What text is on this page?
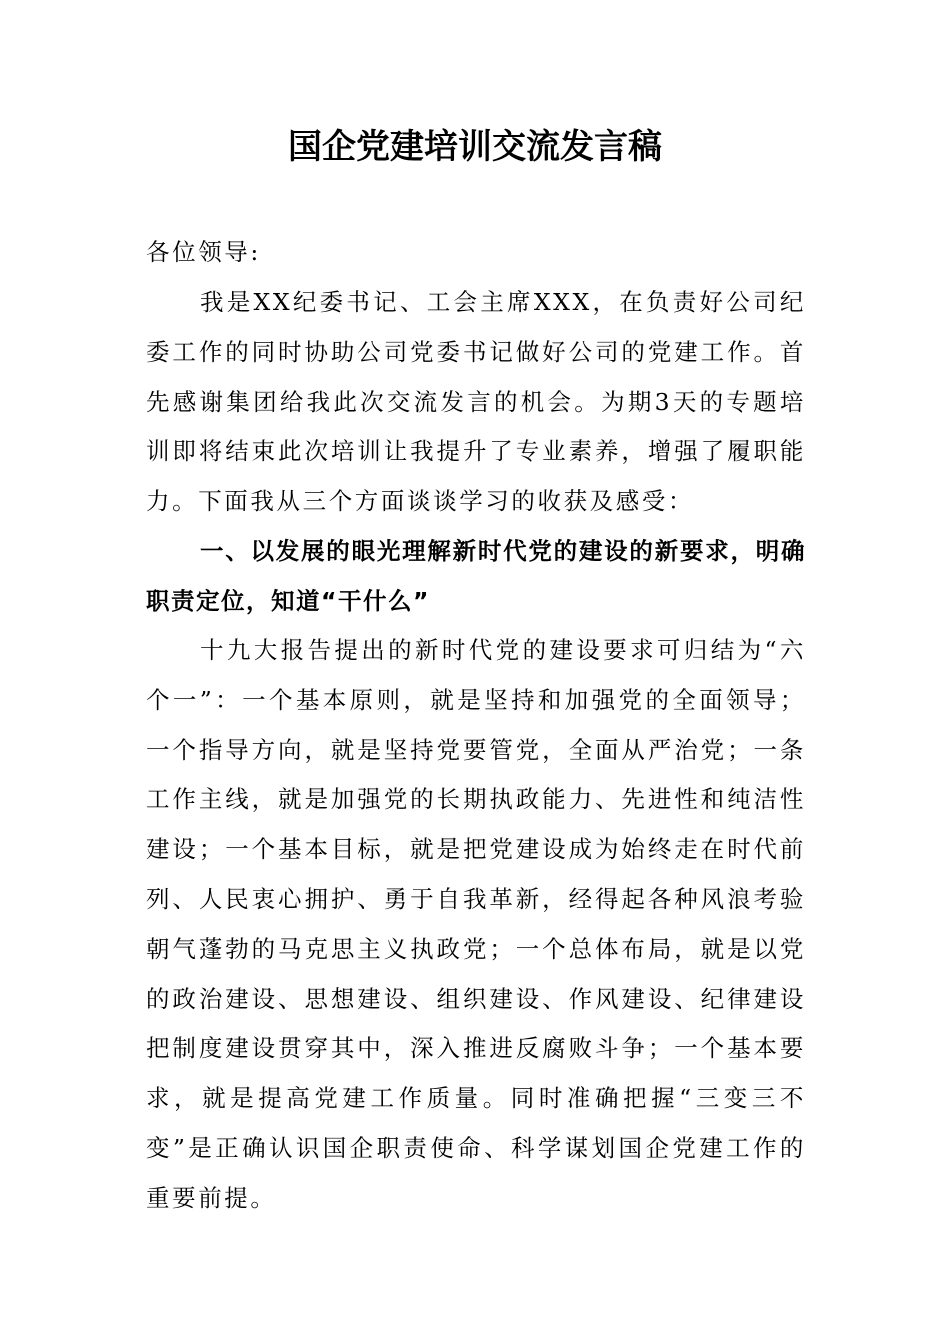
国企党建培训交流发言稿
各位领导:
我是XX纪委书记、工会主席XXX，在负责好公司纪委工作的同时协助公司党委书记做好公司的党建工作。首先感谢集团给我此次交流发言的机会。为期3天的专题培训即将结束此次培训让我提升了专业素养，增强了履职能力。下面我从三个方面谈谈学习的收获及感受：
一、以发展的眼光理解新时代党的建设的新要求，明确职责定位，知道“干什么”
十九大报告提出的新时代党的建设要求可归结为“六个一”：一个基本原则，就是坚持和加强党的全面领导；一个指导方向，就是坚持党要管党，全面从严治党；一条工作主线，就是加强党的长期执政能力、先进性和纯洁性建设；一个基本目标，就是把党建设成为始终走在时代前列、人民衷心拥护、勇于自我革新，经得起各种风浪考验朝气蓬勃的马克思主义执政党；一个总体布局，就是以党的政治建设、思想建设、组织建设、作风建设、纪律建设把制度建设贯穿其中，深入推进反腐败斗争；一个基本要求，就是提高党建工作质量。同时准确把握“三变三不变”是正确认识国企职责使命、科学谋划国企党建工作的重要前提。
